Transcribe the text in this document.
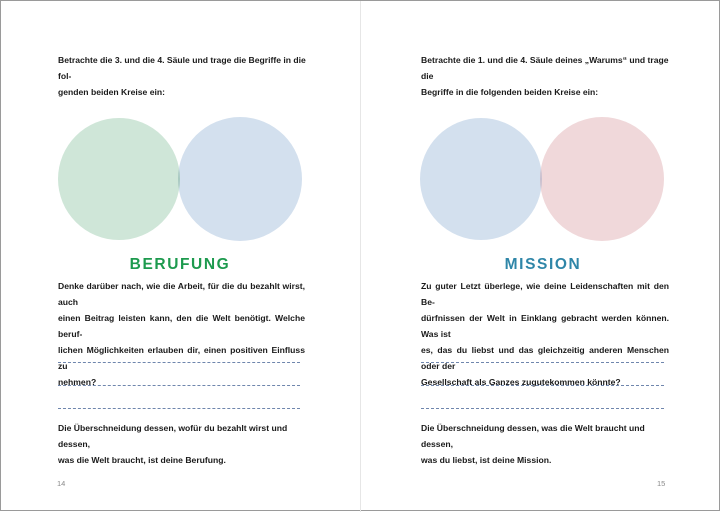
Betrachte die 3. und die 4. Säule und trage die Begriffe in die fol-
genden beiden Kreise ein:
BERUFUNG
Denke darüber nach, wie die Arbeit, für die du bezahlt wirst, auch
einen Beitrag leisten kann, den die Welt benötigt. Welche beruf-
lichen Möglichkeiten erlauben dir, einen positiven Einfluss zu
nehmen?
Die Überschneidung dessen, wofür du bezahlt wirst und dessen,
was die Welt braucht, ist deine Berufung.
14
Betrachte die 1. und die 4. Säule deines „Warums“ und trage die
Begriffe in die folgenden beiden Kreise ein:
MISSION
Zu guter Letzt überlege, wie deine Leidenschaften mit den Be-
dürfnissen der Welt in Einklang gebracht werden können. Was ist
es, das du liebst und das gleichzeitig anderen Menschen oder der
Gesellschaft als Ganzes zugutekommen könnte?
Die Überschneidung dessen, was die Welt braucht und dessen,
was du liebst, ist deine Mission.
15
